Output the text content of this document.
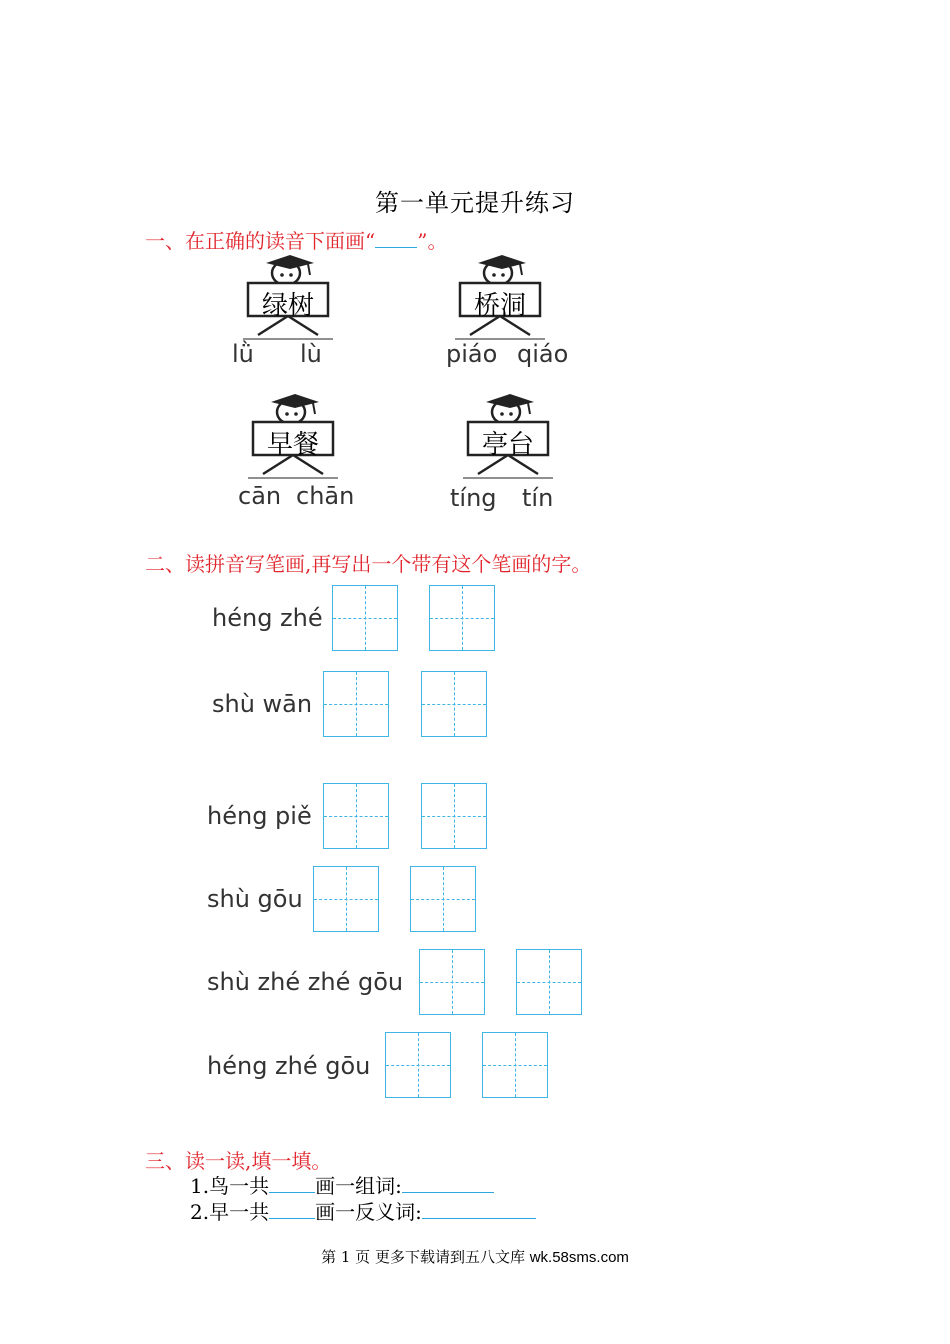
第一单元提升练习
一、在正确的读音下面画“ ”。
绿树
lǜ lù
桥洞
piáo qiáo
早餐
cān chān
亭台
tíng tín
二、读拼音写笔画,再写出一个带有这个笔画的字。
héng zhé
shù wān
héng piě
shù gōu
shù zhé zhé gōu
héng zhé gōu
三、读一读,填一填。
1.鸟一共 画一组词:
2.早一共 画一反义词:
第 1 页 更多下载请到五八文库 wk.58sms.com
